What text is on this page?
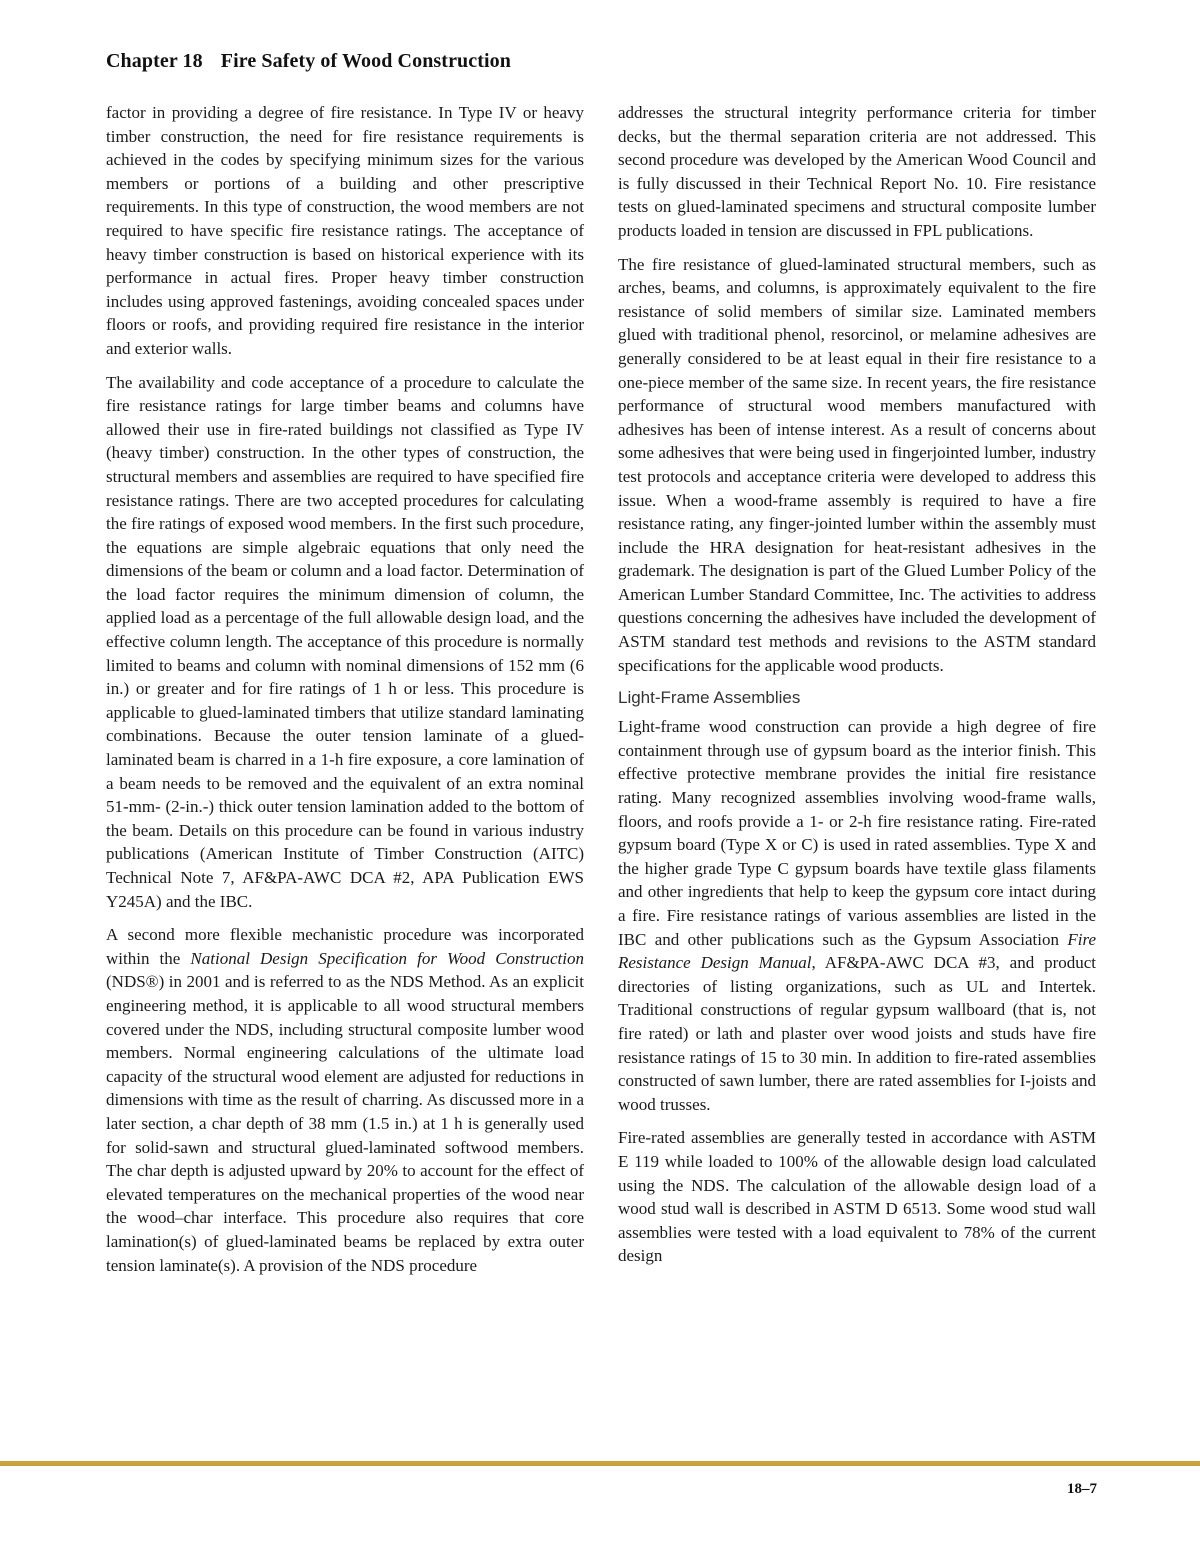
Chapter 18 Fire Safety of Wood Construction

factor in providing a degree of fire resistance. In Type IV or heavy timber construction, the need for fire resistance requirements is achieved in the codes by specifying minimum sizes for the various members or portions of a building and other prescriptive requirements. In this type of construction, the wood members are not required to have specific fire resistance ratings. The acceptance of heavy timber construction is based on historical experience with its performance in actual fires. Proper heavy timber construction includes using approved fastenings, avoiding concealed spaces under floors or roofs, and providing required fire resistance in the interior and exterior walls.

The availability and code acceptance of a procedure to calculate the fire resistance ratings for large timber beams and columns have allowed their use in fire-rated buildings not classified as Type IV (heavy timber) construction. In the other types of construction, the structural members and assemblies are required to have specified fire resistance ratings. There are two accepted procedures for calculating the fire ratings of exposed wood members. In the first such procedure, the equations are simple algebraic equations that only need the dimensions of the beam or column and a load factor. Determination of the load factor requires the minimum dimension of column, the applied load as a percentage of the full allowable design load, and the effective column length. The acceptance of this procedure is normally limited to beams and column with nominal dimensions of 152 mm (6 in.) or greater and for fire ratings of 1 h or less. This procedure is applicable to glued-laminated timbers that utilize standard laminating combinations. Because the outer tension laminate of a glued-laminated beam is charred in a 1-h fire exposure, a core lamination of a beam needs to be removed and the equivalent of an extra nominal 51-mm- (2-in.-) thick outer tension lamination added to the bottom of the beam. Details on this procedure can be found in various industry publications (American Institute of Timber Construction (AITC) Technical Note 7, AF&PA-AWC DCA #2, APA Publication EWS Y245A) and the IBC.

A second more flexible mechanistic procedure was incorporated within the National Design Specification for Wood Construction (NDS®) in 2001 and is referred to as the NDS Method. As an explicit engineering method, it is applicable to all wood structural members covered under the NDS, including structural composite lumber wood members. Normal engineering calculations of the ultimate load capacity of the structural wood element are adjusted for reductions in dimensions with time as the result of charring. As discussed more in a later section, a char depth of 38 mm (1.5 in.) at 1 h is generally used for solid-sawn and structural glued-laminated softwood members. The char depth is adjusted upward by 20% to account for the effect of elevated temperatures on the mechanical properties of the wood near the wood–char interface. This procedure also requires that core lamination(s) of glued-laminated beams be replaced by extra outer tension laminate(s). A provision of the NDS procedure

addresses the structural integrity performance criteria for timber decks, but the thermal separation criteria are not addressed. This second procedure was developed by the American Wood Council and is fully discussed in their Technical Report No. 10. Fire resistance tests on glued-laminated specimens and structural composite lumber products loaded in tension are discussed in FPL publications.

The fire resistance of glued-laminated structural members, such as arches, beams, and columns, is approximately equivalent to the fire resistance of solid members of similar size. Laminated members glued with traditional phenol, resorcinol, or melamine adhesives are generally considered to be at least equal in their fire resistance to a one-piece member of the same size. In recent years, the fire resistance performance of structural wood members manufactured with adhesives has been of intense interest. As a result of concerns about some adhesives that were being used in fingerjointed lumber, industry test protocols and acceptance criteria were developed to address this issue. When a wood-frame assembly is required to have a fire resistance rating, any finger-jointed lumber within the assembly must include the HRA designation for heat-resistant adhesives in the grademark. The designation is part of the Glued Lumber Policy of the American Lumber Standard Committee, Inc. The activities to address questions concerning the adhesives have included the development of ASTM standard test methods and revisions to the ASTM standard specifications for the applicable wood products.

Light-Frame Assemblies

Light-frame wood construction can provide a high degree of fire containment through use of gypsum board as the interior finish. This effective protective membrane provides the initial fire resistance rating. Many recognized assemblies involving wood-frame walls, floors, and roofs provide a 1- or 2-h fire resistance rating. Fire-rated gypsum board (Type X or C) is used in rated assemblies. Type X and the higher grade Type C gypsum boards have textile glass filaments and other ingredients that help to keep the gypsum core intact during a fire. Fire resistance ratings of various assemblies are listed in the IBC and other publications such as the Gypsum Association Fire Resistance Design Manual, AF&PA-AWC DCA #3, and product directories of listing organizations, such as UL and Intertek. Traditional constructions of regular gypsum wallboard (that is, not fire rated) or lath and plaster over wood joists and studs have fire resistance ratings of 15 to 30 min. In addition to fire-rated assemblies constructed of sawn lumber, there are rated assemblies for I-joists and wood trusses.

Fire-rated assemblies are generally tested in accordance with ASTM E 119 while loaded to 100% of the allowable design load calculated using the NDS. The calculation of the allowable design load of a wood stud wall is described in ASTM D 6513. Some wood stud wall assemblies were tested with a load equivalent to 78% of the current design

18–7
